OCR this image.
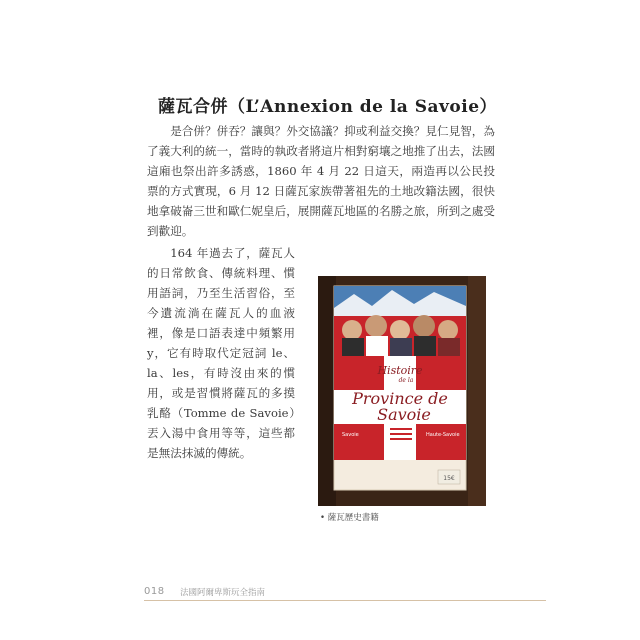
薩瓦合併（L’Annexion de la Savoie）

是合併？併吞？讓與？外交協議？抑或利益交換？見仁見智，為了義大利的統一，當時的執政者將這片相對窮壤之地推了出去，法國這廂也祭出許多誘惑，1860 年 4 月 22 日這天，兩造再以公民投票的方式實現，6 月 12 日薩瓦家族帶著祖先的土地改籍法國，很快地拿破崙三世和歐仁妮皇后，展開薩瓦地區的名勝之旅，所到之處受到歡迎。

164 年過去了，薩瓦人的日常飲食、傳統料理、慣用語詞，乃至生活習俗，至今遺流淌在薩瓦人的血液裡，像是口語表達中頻繁用 y，它有時取代定冠詞 le、la、les，有時沒由來的慣用，或是習慣將薩瓦的多摸乳酪（Tomme de Savoie）丟入湯中食用等等，這些都是無法抹滅的傳統。

Histoire
de la
Province de
Savoie
Savoie	Haute-Savoie
15€
• 薩瓦歷史書籍
018 法國阿爾卑斯玩全指南
